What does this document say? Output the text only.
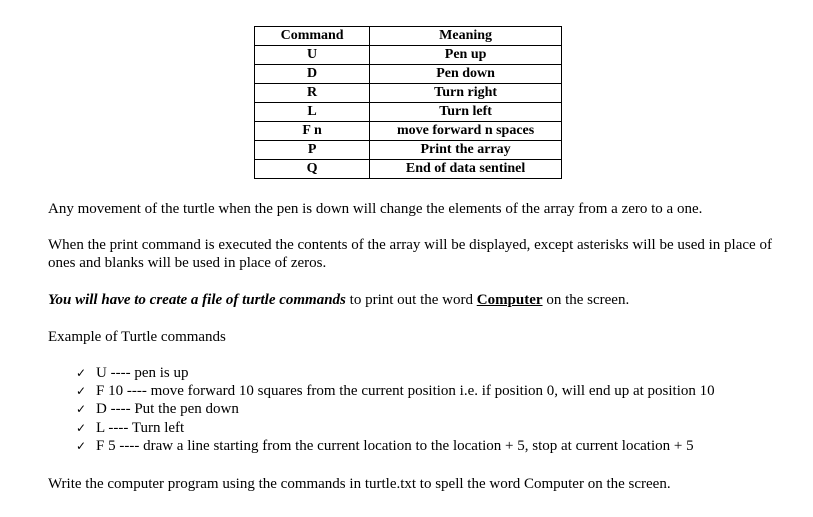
Command	Meaning
U	Pen up
D	Pen down
R	Turn right
L	Turn left
F n	move forward n spaces
P	Print the array
Q	End of data sentinel

Any movement of the turtle when the pen is down will change the elements of the array from a zero to a one.

When the print command is executed the contents of the array will be displayed, except asterisks will be used in place of ones and blanks will be used in place of zeros.

You will have to create a file of turtle commands to print out the word Computer on the screen.

Example of Turtle commands

✓ U ---- pen is up
✓ F 10 ---- move forward 10 squares from the current position i.e. if position 0, will end up at position 10
✓ D ---- Put the pen down
✓ L ---- Turn left
✓ F 5 ---- draw a line starting from the current location to the location + 5, stop at current location + 5

Write the computer program using the commands in turtle.txt to spell the word Computer on the screen.
